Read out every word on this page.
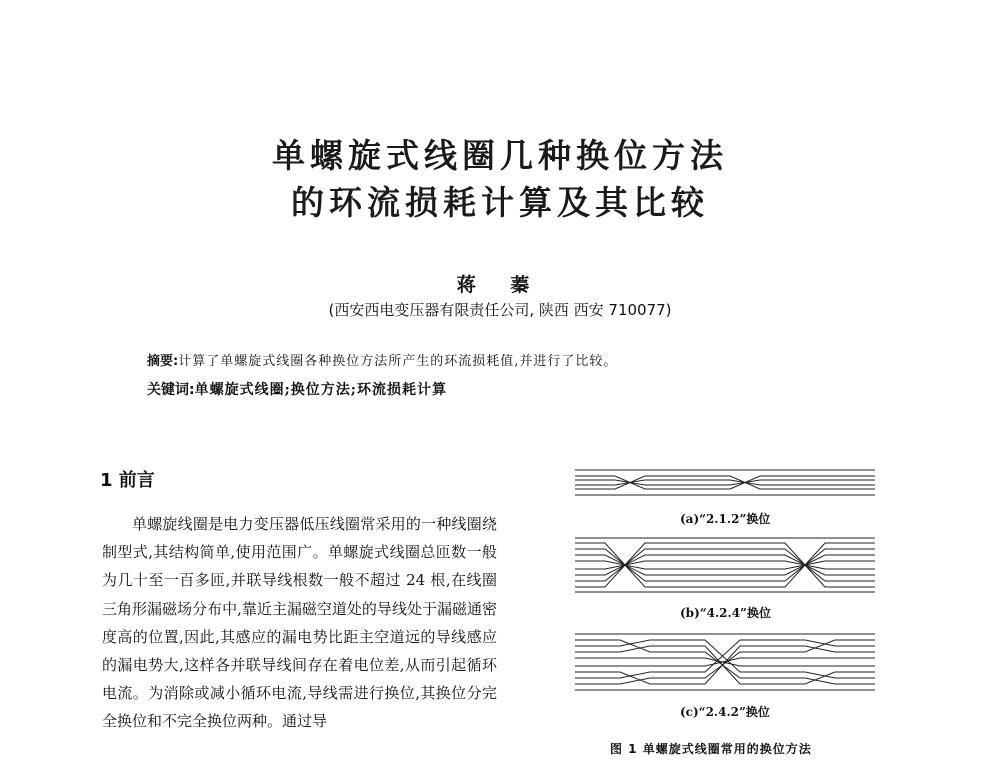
单螺旋式线圈几种换位方法
的环流损耗计算及其比较
蒋 蓁
(西安西电变压器有限责任公司, 陕西 西安 710077)
摘要:计算了单螺旋式线圈各种换位方法所产生的环流损耗值,并进行了比较。
关键词:单螺旋式线圈;换位方法;环流损耗计算
1 前言

单螺旋线圈是电力变压器低压线圈常采用的一种线圈绕制型式,其结构简单,使用范围广。单螺旋式线圈总匝数一般为几十至一百多匝,并联导线根数一般不超过 24 根,在线圈三角形漏磁场分布中,靠近主漏磁空道处的导线处于漏磁通密度高的位置,因此,其感应的漏电势比距主空道远的导线感应的漏电势大,这样各并联导线间存在着电位差,从而引起循环电流。为消除或减小循环电流,导线需进行换位,其换位分完全换位和不完全换位两种。通过导

(a)“2.1.2”换位
(b)“4.2.4”换位
(c)“2.4.2”换位
图 1 单螺旋式线圈常用的换位方法
